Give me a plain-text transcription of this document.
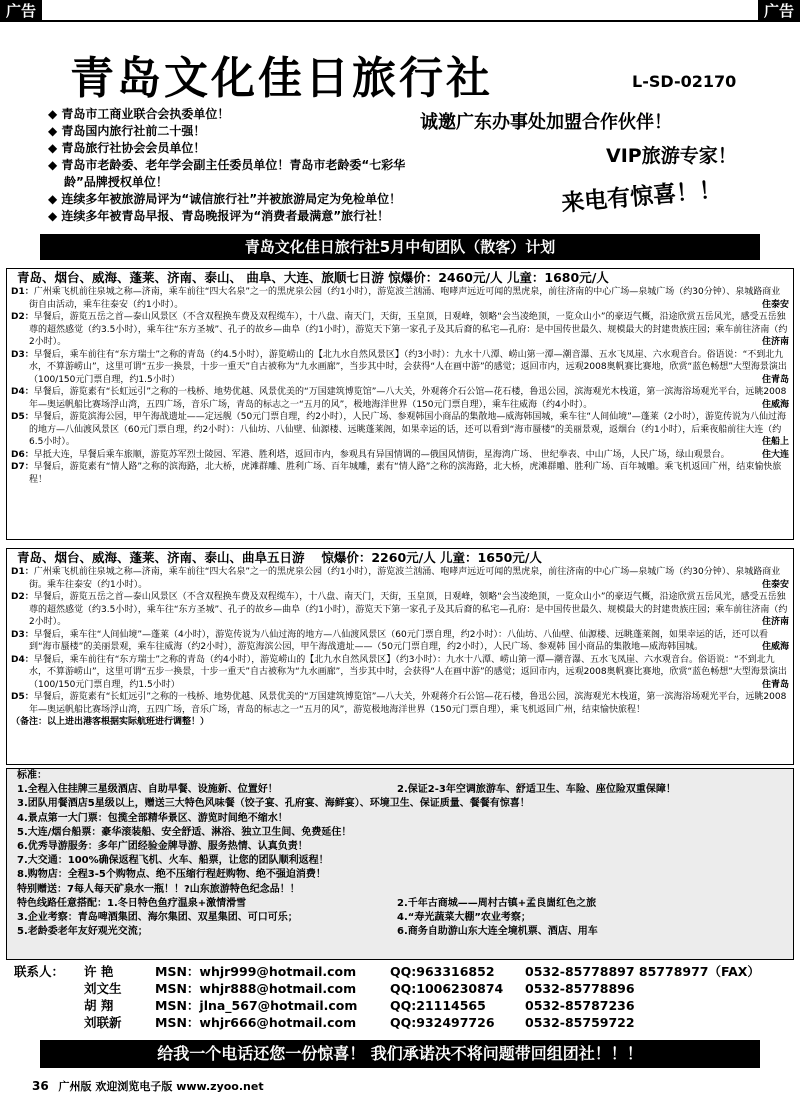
广告	广告
青岛文化佳日旅行社	L-SD-02170
◆ 青岛市工商业联合会执委单位！
◆ 青岛国内旅行社前二十强！
◆ 青岛旅行社协会会员单位！
◆ 青岛市老龄委、老年学会副主任委员单位！青岛市老龄委“七彩华龄”品牌授权单位！
◆ 连续多年被旅游局评为“诚信旅行社”并被旅游局定为免检单位！
◆ 连续多年被青岛早报、青岛晚报评为“消费者最满意”旅行社！
诚邀广东办事处加盟合作伙伴！
VIP旅游专家！
来电有惊喜！！
青岛文化佳日旅行社5月中旬团队（散客）计划
青岛、烟台、威海、蓬莱、济南、泰山、 曲阜、大连、旅顺七日游 惊爆价：2460元/人 儿童：1680元/人
D1：广州乘飞机前往泉城之称—济南，乘车前往“四大名泉”之一的黑虎泉公园（约1小时），游览波兰汹涌、咆哮声远近可闻的黑虎泉，前往济南的中心广场—泉城广场（约30分钟）、泉城路商业街自由活动，乘车往泰安（约1小时）。	住泰安
D2：早餐后，游览五岳之首—泰山风景区（不含双程换车费及双程缆车），十八盘、南天门，天街，玉皇顶，日观峰，领略“会当凌绝顶，一览众山小”的豪迈气概，沿途欣赏五岳风光，感受五岳独尊的超然感觉（约3.5小时），乘车往“东方圣城”、孔子的故乡—曲阜（约1小时），游览天下第一家孔子及其后裔的私宅—孔府：是中国传世最久、规模最大的封建贵族庄园；乘车前往济南（约2小时）。	住济南
D3：早餐后，乘车前往有“东方瑞士”之称的青岛（约4.5小时），游览崂山的【北九水自然风景区】（约3小时）：九水十八潭、崂山第一潭—潮音瀑、五水飞凤崖、六水观音台。俗语说：“不到北九水，不算游崂山”，这里可谓“五步一换景，十步一重天”自古被称为“九水画廊”，当步其中时，会获得“人在画中游”的感觉；返回市内，远观2008奥帆赛比赛地，欣赏“蓝色畅想”大型海景演出（100/150元门票自理，约1.5小时）	住青岛
D4：早餐后，游览素有“长虹远引”之称的一栈桥、地势优越、风景优美的“万国建筑博览馆”—八大关，外观蒋介石公馆—花石楼，鲁迅公园，滨海观光木栈道，第一滨海浴场观光平台，远眺2008年—奥运帆船比赛场浮山湾，五四广场，音乐广场，青岛的标志之一“五月的风”，极地海洋世界（150元门票自理），乘车往威海（约4小时）。	住威海
D5：早餐后，游览滨海公园，甲午海战遗址——定远舰（50元门票自理，约2小时），人民广场、参观韩国小商品的集散地—威海韩国城，乘车往“人间仙境”—蓬莱（2小时），游览传说为八仙过海的地方—八仙渡风景区（60元门票自理，约2小时）：八仙坊、八仙壁、仙源楼、远眺蓬莱阁，如果幸运的话，还可以看到“海市蜃楼”的美丽景观，返烟台（约1小时），后乘夜船前往大连（约6.5小时）。	住船上
D6：早抵大连，早餐后乘车旅顺，游览苏军烈士陵园、军港、胜利塔，返回市内，参观具有异国情调的—俄国风情街，星海湾广场、 世纪拳表、中山广场，人民广场，绿山观景台。	住大连
D7：早餐后，游览素有“情人路”之称的滨海路，北大桥，虎滩群雕、胜利广场、百年城雕，素有“情人路”之称的滨海路，北大桥，虎滩群雕、胜利广场、百年城雕。乘飞机返回广州，结束愉快旅程！
青岛、烟台、威海、蓬莱、济南、泰山、曲阜五日游　 惊爆价：2260元/人 儿童：1650元/人
D1：广州乘飞机前往泉城之称—济南，乘车前往“四大名泉”之一的黑虎泉公园（约1小时），游览波兰汹涌、咆哮声远近可闻的黑虎泉，前往济南的中心广场—泉城广场（约30分钟）、泉城路商业街。乘车往泰安（约1小时）。	住泰安
D2：早餐后，游览五岳之首—泰山风景区（不含双程换车费及双程缆车），十八盘、南天门，天街，玉皇顶，日观峰，领略“会当凌绝顶，一览众山小”的豪迈气概，沿途欣赏五岳风光，感受五岳独尊的超然感觉（约3.5小时），乘车往“东方圣城”、孔子的故乡—曲阜（约1小时），游览天下第一家孔子及其后裔的私宅—孔府：是中国传世最久、规模最大的封建贵族庄园；乘车前往济南（约2小时）。	住济南
D3：早餐后，乘车往“人间仙境”—蓬莱（4小时），游览传说为八仙过海的地方—八仙渡风景区（60元门票自理，约2小时）：八仙坊、八仙壁、仙源楼、远眺蓬莱阁，如果幸运的话，还可以看到“海市蜃楼”的美丽景观，乘车往威海（约2小时），游览海滨公园，甲午海战遗址——（50元门票自理，约2小时），人民广场、参观韩 国小商品的集散地—威海韩国城。	住威海
D4：早餐后，乘车前往有“东方瑞士”之称的青岛（约4小时），游览崂山的【北九水自然风景区】（约3小时）：九水十八潭、崂山第一潭—潮音瀑、五水飞凤崖、六水观音台。俗语说：“不到北九水，不算游崂山”，这里可谓“五步一换景，十步一重天”自古被称为“九水画廊”，当步其中时，会获得“人在画中游”的感觉；返回市内，远观2008奥帆赛比赛地，欣赏“蓝色畅想”大型海景演出（100/150元门票自理，约1.5小时）	住青岛
D5：早餐后，游览素有“长虹远引”之称的一栈桥、地势优越、风景优美的“万国建筑博览馆”—八大关，外观蒋介石公馆—花石楼，鲁迅公园，滨海观光木栈道，第一滨海浴场观光平台，远眺2008年—奥运帆船比赛场浮山湾，五四广场，音乐广场，青岛的标志之一“五月的风”，游览极地海洋世界（150元门票自理），乘飞机返回广州，结束愉快旅程！
（备注：以上进出港客根据实际航班进行调整！）
标准：
1.全程入住挂牌三星级酒店、自助早餐、设施新、位置好！	2.保证2-3年空调旅游车、舒适卫生、车险、座位险双重保障！
3.团队用餐酒店5星级以上，赠送三大特色风味餐（饺子宴、孔府宴、海鲜宴）、环境卫生、保证质量、餐餐有惊喜！
4.景点第一大门票：包揽全部精华景区、游览时间绝不缩水！
5.大连/烟台船票：豪华滚装船、安全舒适、淋浴、独立卫生间、免费延住！
6.优秀导游服务：多年广团经验金牌导游、服务热情、认真负责！
7.大交通：100%确保返程飞机、火车、船票，让您的团队顺利返程！
8.购物店：全程3-5个购物点、绝不压缩行程赶购物、绝不强迫消费！
特别赠送：7每人每天矿泉水一瓶！！?山东旅游特色纪念品！！
特色线路任意搭配：1.冬日特色鱼疗温泉+激情滑雪	2.千年古商城——周村古镇+孟良崮红色之旅
3.企业考察：青岛啤酒集团、海尔集团、双星集团、可口可乐；	4.“寿光蔬菜大棚”农业考察；
5.老龄委老年友好观光交流；	6.商务自助游山东大连全境机票、酒店、用车
联系人： 许 艳	MSN：whjr999@hotmail.com	QQ:963316852 0532-85778897 85778977（FAX）
刘文生	MSN：whjr888@hotmail.com	QQ:1006230874 0532-85778896
胡 翔	MSN：jlna_567@hotmail.com	QQ:21114565	0532-85787236
刘联新	MSN：whjr666@hotmail.com	QQ:932497726 0532-85759722
给我一个电话还您一份惊喜！ 我们承诺决不将问题带回组团社！！！
36 广州版 欢迎浏览电子版 www.zyoo.net
